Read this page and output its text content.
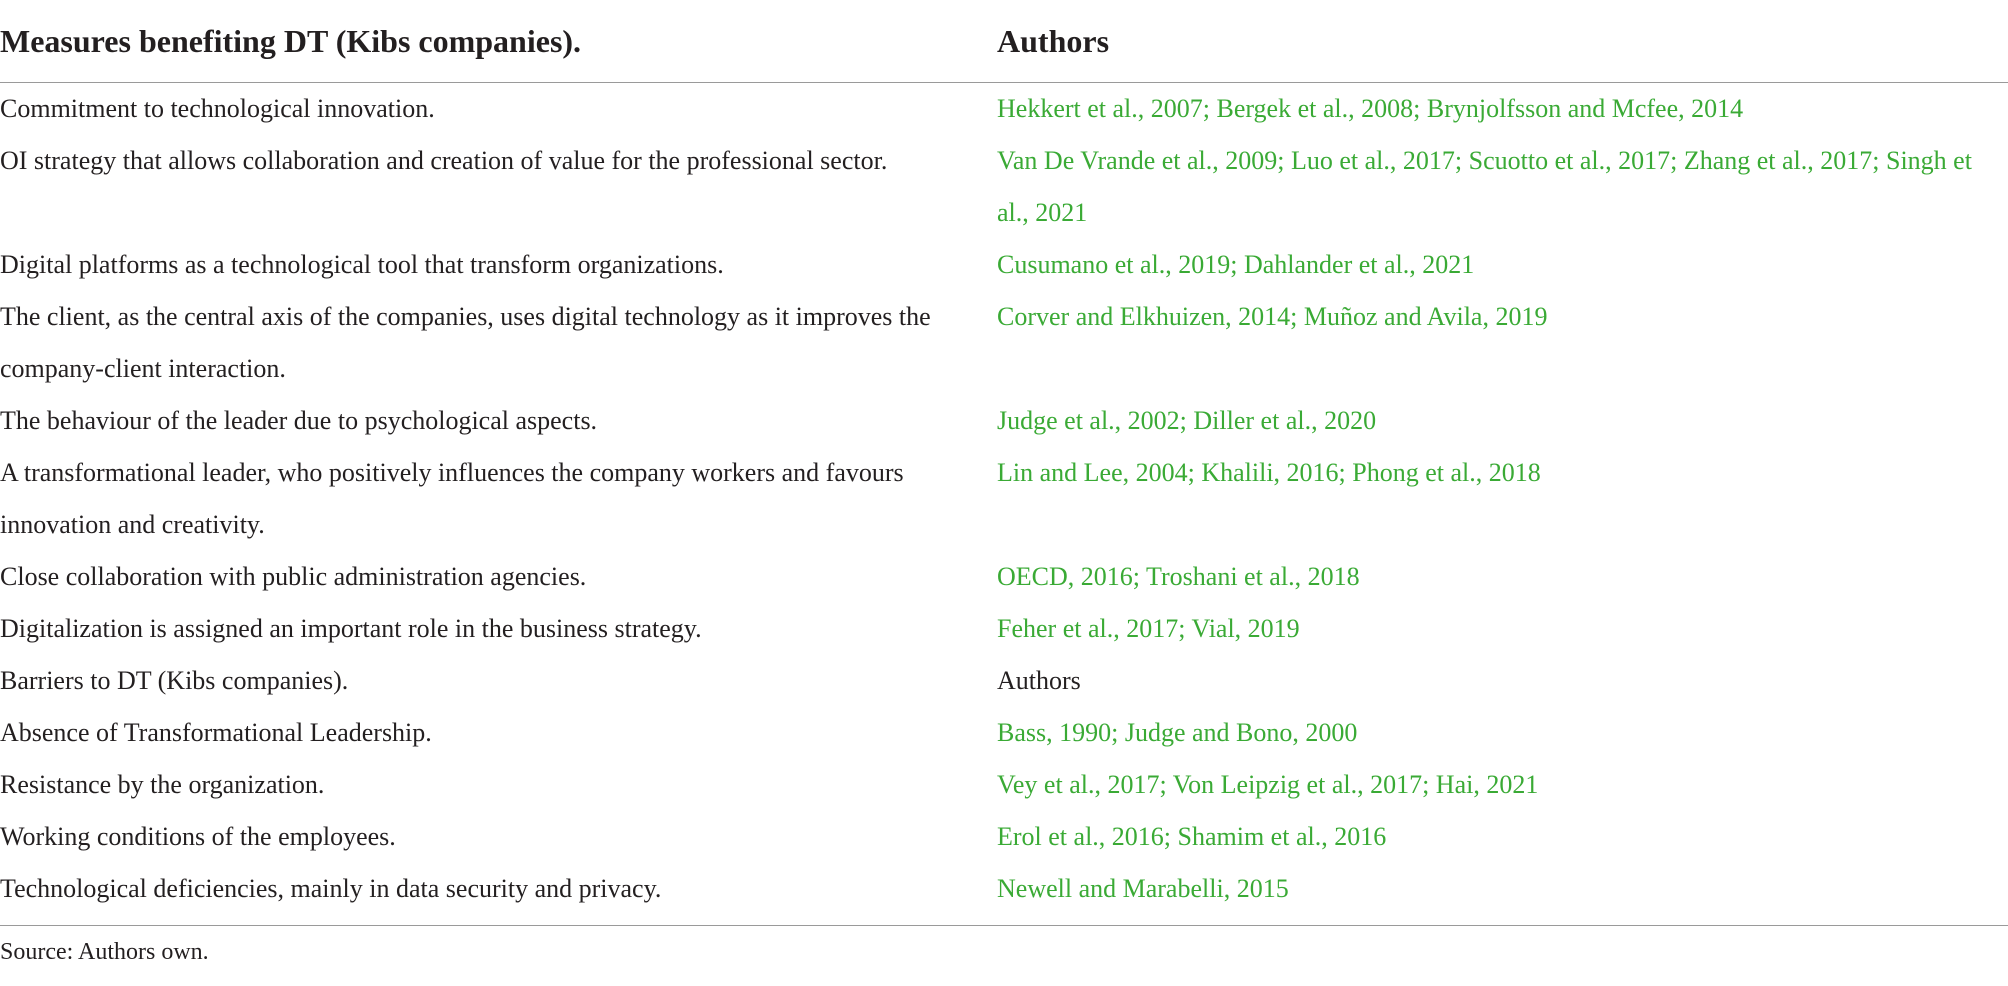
Measures benefiting DT (Kibs companies).	Authors
Commitment to technological innovation.	Hekkert et al., 2007; Bergek et al., 2008; Brynjolfsson and Mcfee, 2014
OI strategy that allows collaboration and creation of value for the professional sector.	Van De Vrande et al., 2009; Luo et al., 2017; Scuotto et al., 2017; Zhang et al., 2017; Singh et al., 2021
Digital platforms as a technological tool that transform organizations.	Cusumano et al., 2019; Dahlander et al., 2021
The client, as the central axis of the companies, uses digital technology as it improves the company-client interaction.	Corver and Elkhuizen, 2014; Muñoz and Avila, 2019
The behaviour of the leader due to psychological aspects.	Judge et al., 2002; Diller et al., 2020
A transformational leader, who positively influences the company workers and favours innovation and creativity.	Lin and Lee, 2004; Khalili, 2016; Phong et al., 2018
Close collaboration with public administration agencies.	OECD, 2016; Troshani et al., 2018
Digitalization is assigned an important role in the business strategy.	Feher et al., 2017; Vial, 2019
Barriers to DT (Kibs companies).	Authors
Absence of Transformational Leadership.	Bass, 1990; Judge and Bono, 2000
Resistance by the organization.	Vey et al., 2017; Von Leipzig et al., 2017; Hai, 2021
Working conditions of the employees.	Erol et al., 2016; Shamim et al., 2016
Technological deficiencies, mainly in data security and privacy.	Newell and Marabelli, 2015
Source: Authors own.
